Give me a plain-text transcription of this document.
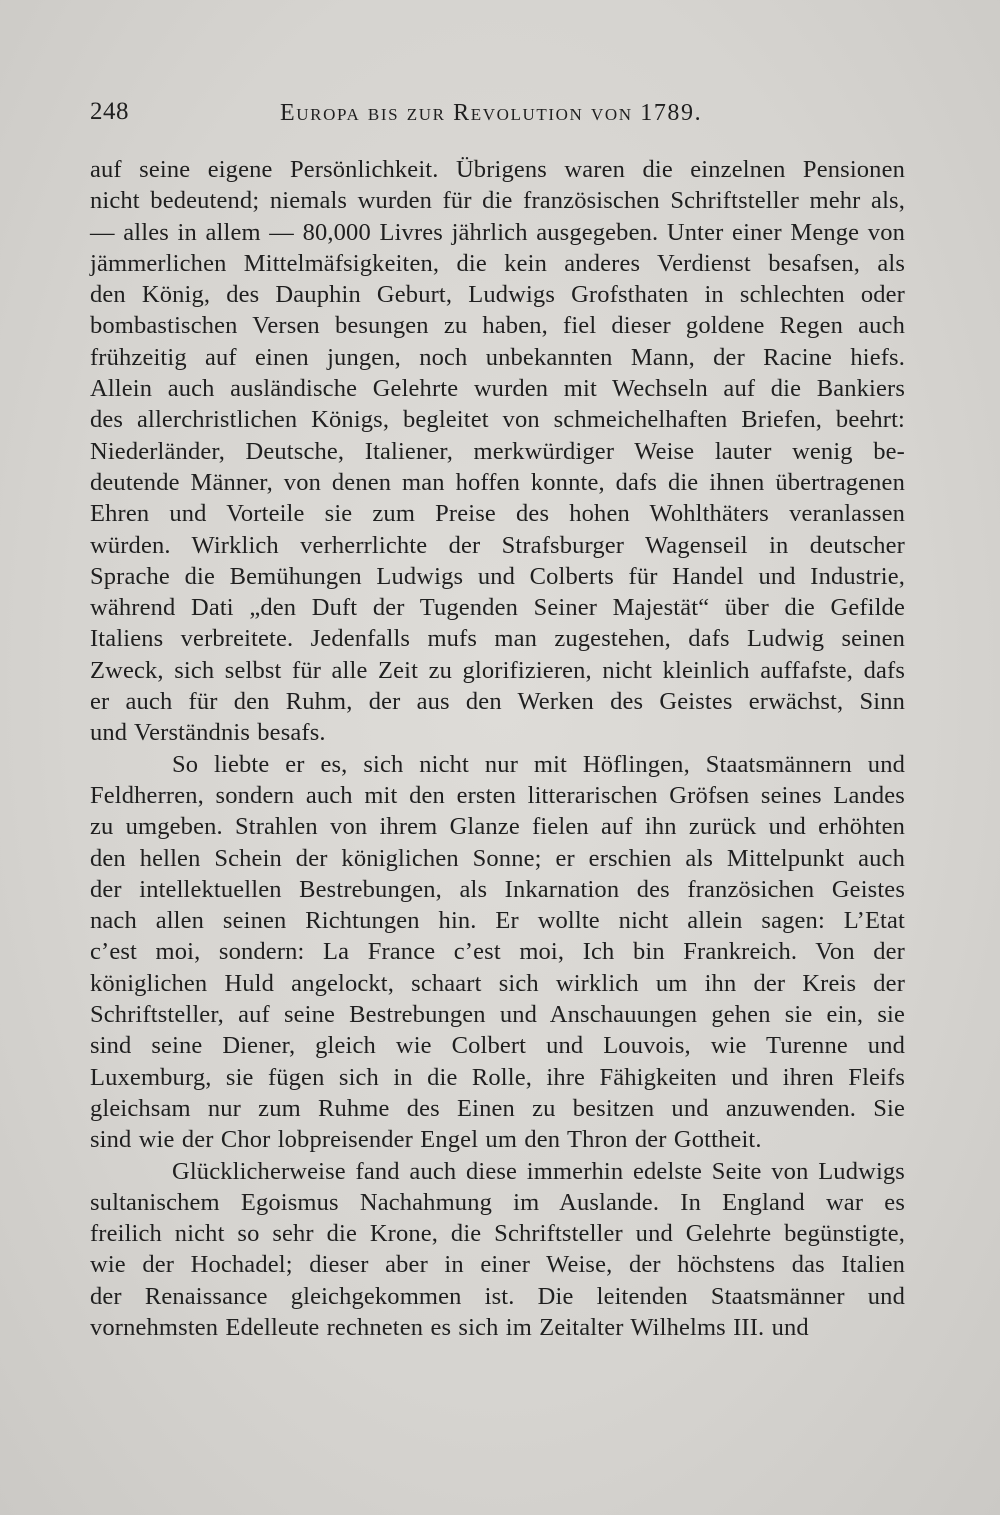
248	Europa bis zur Revolution von 1789.
auf seine eigene Persönlichkeit. Übrigens waren die einzelnen Pensionen
nicht bedeutend; niemals wurden für die französischen Schriftsteller mehr als,
— alles in allem — 80,000 Livres jährlich ausgegeben. Unter einer Menge von
jämmerlichen Mittelmäfsigkeiten, die kein anderes Verdienst besafsen, als
den König, des Dauphin Geburt, Ludwigs Grofsthaten in schlechten oder
bombastischen Versen besungen zu haben, fiel dieser goldene Regen auch
frühzeitig auf einen jungen, noch unbekannten Mann, der Racine hiefs.
Allein auch ausländische Gelehrte wurden mit Wechseln auf die Bankiers
des allerchristlichen Königs, begleitet von schmeichelhaften Briefen, beehrt:
Niederländer, Deutsche, Italiener, merkwürdiger Weise lauter wenig be-
deutende Männer, von denen man hoffen konnte, dafs die ihnen übertragenen
Ehren und Vorteile sie zum Preise des hohen Wohlthäters veranlassen
würden. Wirklich verherrlichte der Strafsburger Wagenseil in deutscher
Sprache die Bemühungen Ludwigs und Colberts für Handel und Industrie,
während Dati „den Duft der Tugenden Seiner Majestät“ über die Gefilde
Italiens verbreitete. Jedenfalls mufs man zugestehen, dafs Ludwig seinen
Zweck, sich selbst für alle Zeit zu glorifizieren, nicht kleinlich auffafste, dafs
er auch für den Ruhm, der aus den Werken des Geistes erwächst, Sinn
und Verständnis besafs.
So liebte er es, sich nicht nur mit Höflingen, Staatsmännern und
Feldherren, sondern auch mit den ersten litterarischen Gröfsen seines Landes
zu umgeben. Strahlen von ihrem Glanze fielen auf ihn zurück und erhöhten
den hellen Schein der königlichen Sonne; er erschien als Mittelpunkt auch
der intellektuellen Bestrebungen, als Inkarnation des französichen Geistes
nach allen seinen Richtungen hin. Er wollte nicht allein sagen: L’Etat
c’est moi, sondern: La France c’est moi, Ich bin Frankreich. Von der
königlichen Huld angelockt, schaart sich wirklich um ihn der Kreis der
Schriftsteller, auf seine Bestrebungen und Anschauungen gehen sie ein, sie
sind seine Diener, gleich wie Colbert und Louvois, wie Turenne und
Luxemburg, sie fügen sich in die Rolle, ihre Fähigkeiten und ihren Fleifs
gleichsam nur zum Ruhme des Einen zu besitzen und anzuwenden. Sie
sind wie der Chor lobpreisender Engel um den Thron der Gottheit.
Glücklicherweise fand auch diese immerhin edelste Seite von Ludwigs
sultanischem Egoismus Nachahmung im Auslande. In England war es
freilich nicht so sehr die Krone, die Schriftsteller und Gelehrte begünstigte,
wie der Hochadel; dieser aber in einer Weise, der höchstens das Italien
der Renaissance gleichgekommen ist. Die leitenden Staatsmänner und
vornehmsten Edelleute rechneten es sich im Zeitalter Wilhelms III. und
